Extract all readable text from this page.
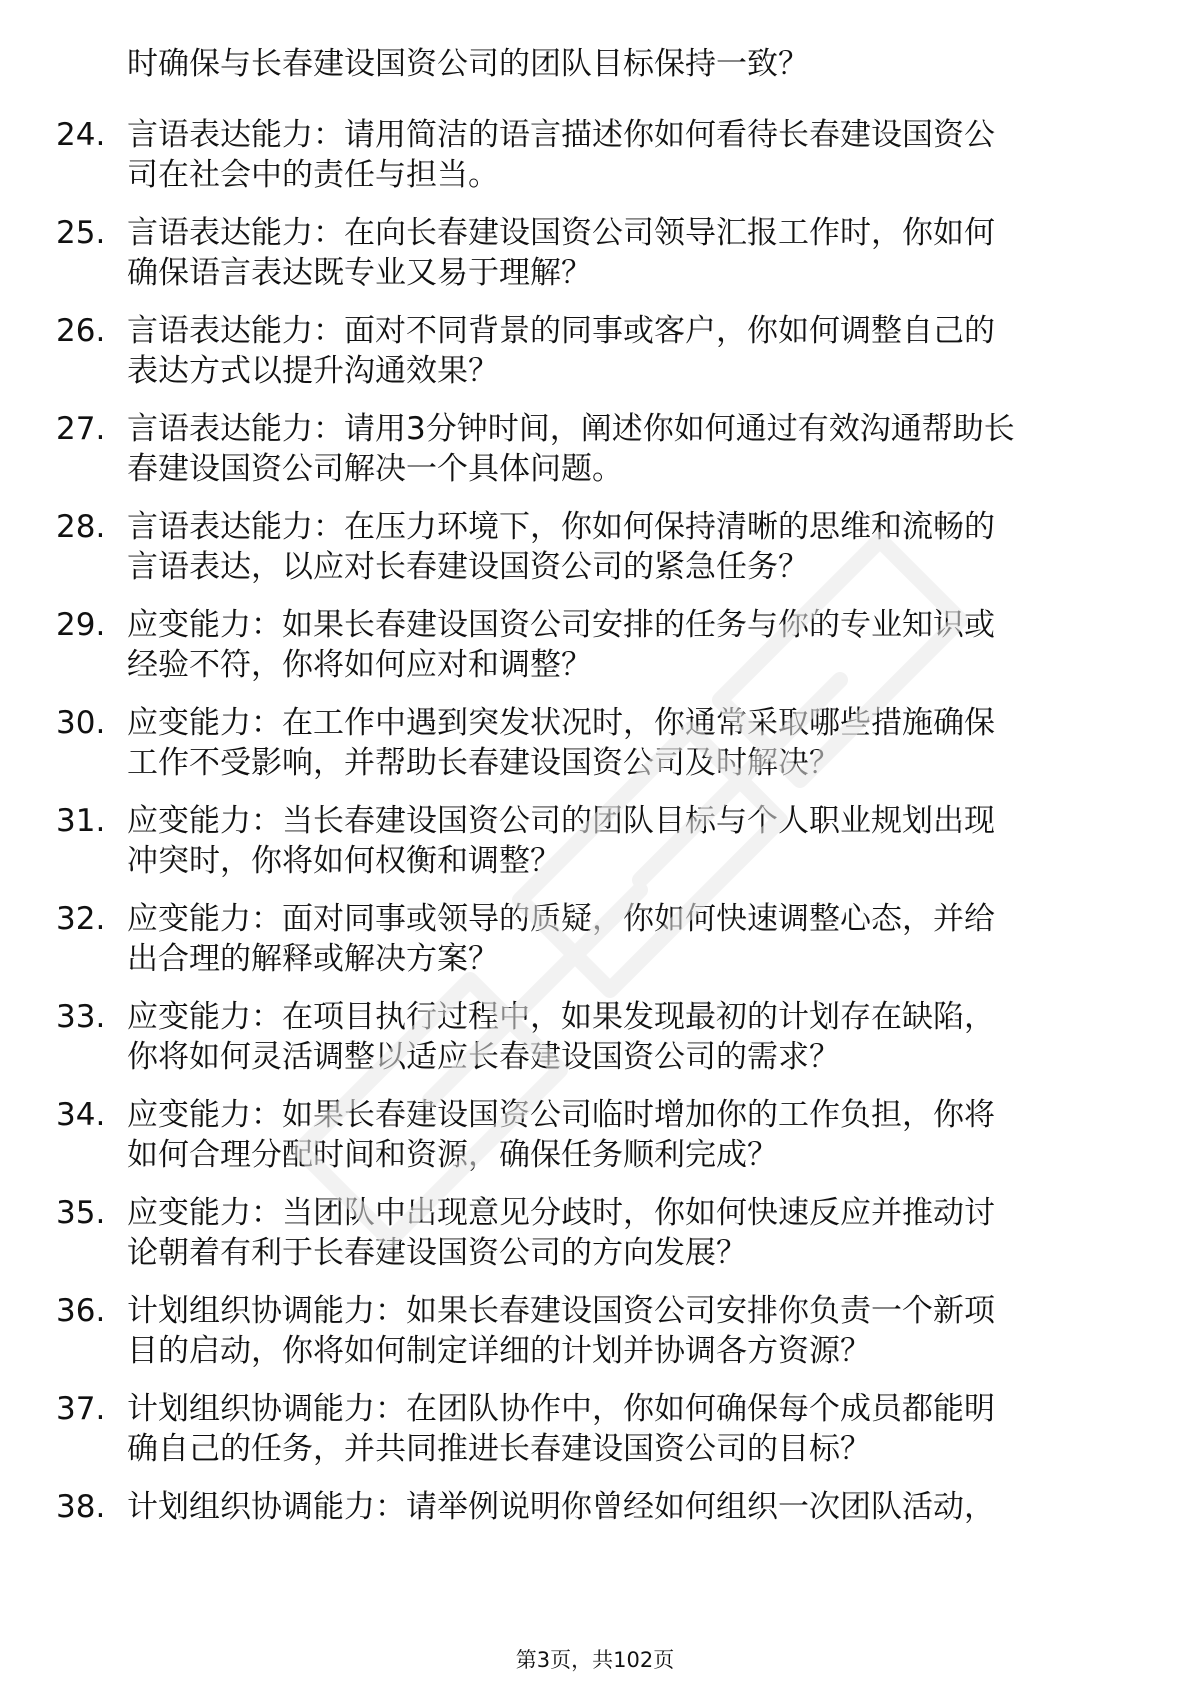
时确保与长春建设国资公司的团队目标保持一致？
24. 言语表达能力：请用简洁的语言描述你如何看待长春建设国资公
司在社会中的责任与担当。
25. 言语表达能力：在向长春建设国资公司领导汇报工作时，你如何
确保语言表达既专业又易于理解？
26. 言语表达能力：面对不同背景的同事或客户，你如何调整自己的
表达方式以提升沟通效果？
27. 言语表达能力：请用3分钟时间，阐述你如何通过有效沟通帮助长
春建设国资公司解决一个具体问题。
28. 言语表达能力：在压力环境下，你如何保持清晰的思维和流畅的
言语表达，以应对长春建设国资公司的紧急任务？
29. 应变能力：如果长春建设国资公司安排的任务与你的专业知识或
经验不符，你将如何应对和调整？
30. 应变能力：在工作中遇到突发状况时，你通常采取哪些措施确保
工作不受影响，并帮助长春建设国资公司及时解决？
31. 应变能力：当长春建设国资公司的团队目标与个人职业规划出现
冲突时，你将如何权衡和调整？
32. 应变能力：面对同事或领导的质疑，你如何快速调整心态，并给
出合理的解释或解决方案？
33. 应变能力：在项目执行过程中，如果发现最初的计划存在缺陷，
你将如何灵活调整以适应长春建设国资公司的需求？
34. 应变能力：如果长春建设国资公司临时增加你的工作负担，你将
如何合理分配时间和资源，确保任务顺利完成？
35. 应变能力：当团队中出现意见分歧时，你如何快速反应并推动讨
论朝着有利于长春建设国资公司的方向发展？
36. 计划组织协调能力：如果长春建设国资公司安排你负责一个新项
目的启动，你将如何制定详细的计划并协调各方资源？
37. 计划组织协调能力：在团队协作中，你如何确保每个成员都能明
确自己的任务，并共同推进长春建设国资公司的目标？
38. 计划组织协调能力：请举例说明你曾经如何组织一次团队活动，
第3页，共102页
